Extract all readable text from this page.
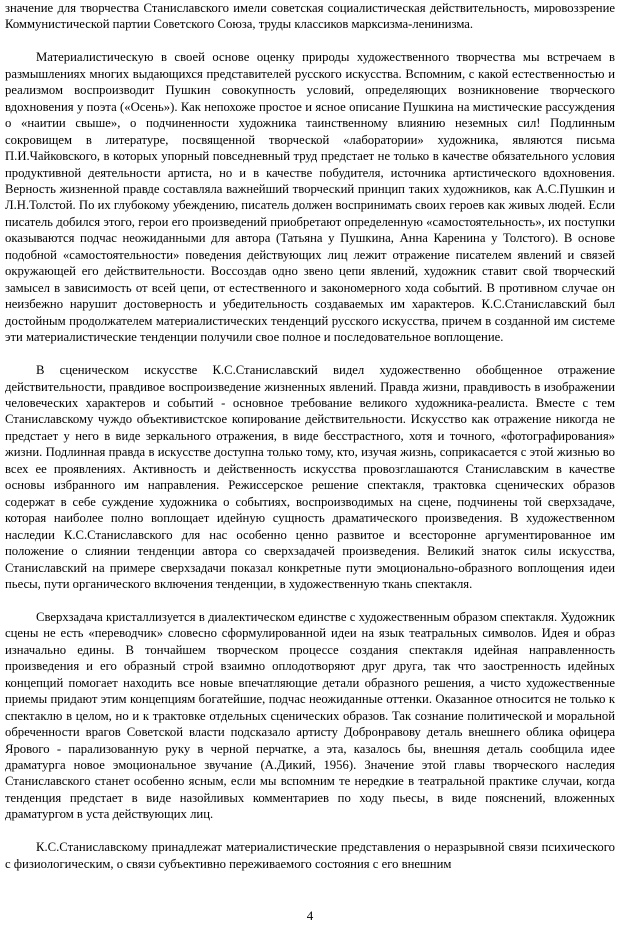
значение для творчества Станиславского имели советская социалистическая действительность, мировоззрение Коммунистической партии Советского Союза, труды классиков марксизма-ленинизма.

Материалистическую в своей основе оценку природы художественного творчества мы встречаем в размышлениях многих выдающихся представителей русского искусства. Вспомним, с какой естественностью и реализмом воспроизводит Пушкин совокупность условий, определяющих возникновение творческого вдохновения у поэта («Осень»). Как непохоже простое и ясное описание Пушкина на мистические рассуждения о «наитии свыше», о подчиненности художника таинственному влиянию неземных сил! Подлинным сокровищем в литературе, посвященной творческой «лаборатории» художника, являются письма П.И.Чайковского, в которых упорный повседневный труд предстает не только в качестве обязательного условия продуктивной деятельности артиста, но и в качестве побудителя, источника артистического вдохновения. Верность жизненной правде составляла важнейший творческий принцип таких художников, как А.С.Пушкин и Л.Н.Толстой. По их глубокому убеждению, писатель должен воспринимать своих героев как живых людей. Если писатель добился этого, герои его произведений приобретают определенную «самостоятельность», их поступки оказываются подчас неожиданными для автора (Татьяна у Пушкина, Анна Каренина у Толстого). В основе подобной «самостоятельности» поведения действующих лиц лежит отражение писателем явлений и связей окружающей его действительности. Воссоздав одно звено цепи явлений, художник ставит свой творческий замысел в зависимость от всей цепи, от естественного и закономерного хода событий. В противном случае он неизбежно нарушит достоверность и убедительность создаваемых им характеров. К.С.Станиславский был достойным продолжателем материалистических тенденций русского искусства, причем в созданной им системе эти материалистические тенденции получили свое полное и последовательное воплощение.

В сценическом искусстве К.С.Станиславский видел художественно обобщенное отражение действительности, правдивое воспроизведение жизненных явлений. Правда жизни, правдивость в изображении человеческих характеров и событий - основное требование великого художника-реалиста. Вместе с тем Станиславскому чуждо объективистское копирование действительности. Искусство как отражение никогда не предстает у него в виде зеркального отражения, в виде бесстрастного, хотя и точного, «фотографирования» жизни. Подлинная правда в искусстве доступна только тому, кто, изучая жизнь, соприкасается с этой жизнью во всех ее проявлениях. Активность и действенность искусства провозглашаются Станиславским в качестве основы избранного им направления. Режиссерское решение спектакля, трактовка сценических образов содержат в себе суждение художника о событиях, воспроизводимых на сцене, подчинены той сверхзадаче, которая наиболее полно воплощает идейную сущность драматического произведения. В художественном наследии К.С.Станиславского для нас особенно ценно развитое и всесторонне аргументированное им положение о слиянии тенденции автора со сверхзадачей произведения. Великий знаток силы искусства, Станиславский на примере сверхзадачи показал конкретные пути эмоционально-образного воплощения идеи пьесы, пути органического включения тенденции, в художественную ткань спектакля.

Сверхзадача кристаллизуется в диалектическом единстве с художественным образом спектакля. Художник сцены не есть «переводчик» словесно сформулированной идеи на язык театральных символов. Идея и образ изначально едины. В тончайшем творческом процессе создания спектакля идейная направленность произведения и его образный строй взаимно оплодотворяют друг друга, так что заостренность идейных концепций помогает находить все новые впечатляющие детали образного решения, а чисто художественные приемы придают этим концепциям богатейшие, подчас неожиданные оттенки. Оказанное относится не только к спектаклю в целом, но и к трактовке отдельных сценических образов. Так сознание политической и моральной обреченности врагов Советской власти подсказало артисту Добронравову деталь внешнего облика офицера Ярового - парализованную руку в черной перчатке, а эта, казалось бы, внешняя деталь сообщила идее драматурга новое эмоциональное звучание (А.Дикий, 1956). Значение этой главы творческого наследия Станиславского станет особенно ясным, если мы вспомним те нередкие в театральной практике случаи, когда тенденция предстает в виде назойливых комментариев по ходу пьесы, в виде пояснений, вложенных драматургом в уста действующих лиц.

К.С.Станиславскому принадлежат материалистические представления о неразрывной связи психического с физиологическим, о связи субъективно переживаемого состояния с его внешним

4
